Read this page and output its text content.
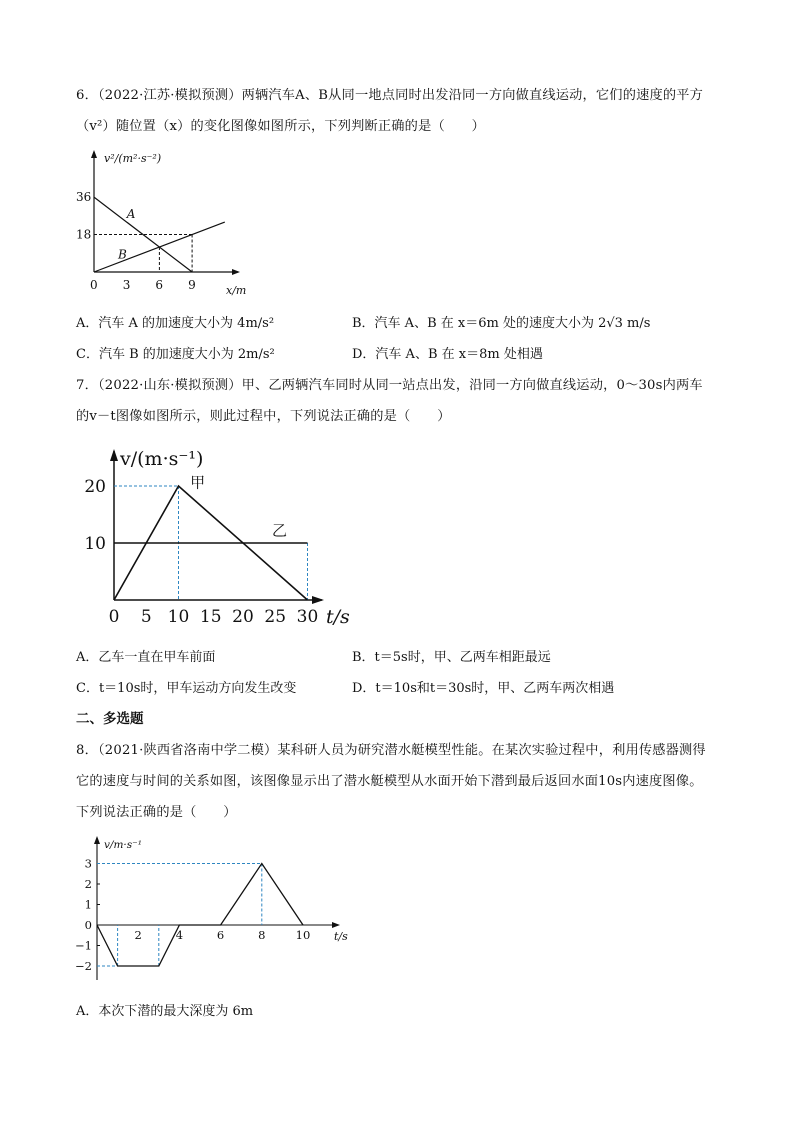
6．（2022·江苏·模拟预测）两辆汽车A、B从同一地点同时出发沿同一方向做直线运动，它们的速度的平方
（v²）随位置（x）的变化图像如图所示，下列判断正确的是（　　）
A
B
0 3 6 9
18
36
v²/(m²·s⁻²)
x/m
A．汽车 A 的加速度大小为 4m/s²	B．汽车 A、B 在 x＝6m 处的速度大小为 2√3 m/s
C．汽车 B 的加速度大小为 2m/s²	D．汽车 A、B 在 x＝8m 处相遇
7．（2022·山东·模拟预测）甲、乙两辆汽车同时从同一站点出发，沿同一方向做直线运动，0～30s内两车
的v－t图像如图所示，则此过程中，下列说法正确的是（　　）
甲
乙
0 5 10 15 20 25 30
10
20
v/(m·s⁻¹)
t/s
A．乙车一直在甲车前面	B．t＝5s时，甲、乙两车相距最远
C．t＝10s时，甲车运动方向发生改变	D．t＝10s和t＝30s时，甲、乙两车两次相遇
二、多选题
8．（2021·陕西省洛南中学二模）某科研人员为研究潜水艇模型性能。在某次实验过程中，利用传感器测得
它的速度与时间的关系如图，该图像显示出了潜水艇模型从水面开始下潜到最后返回水面10s内速度图像。
下列说法正确的是（　　）
2	4	6	8	10
−2
−1
0
1
2
3
v/m·s⁻¹
t/s
A．本次下潜的最大深度为 6m
